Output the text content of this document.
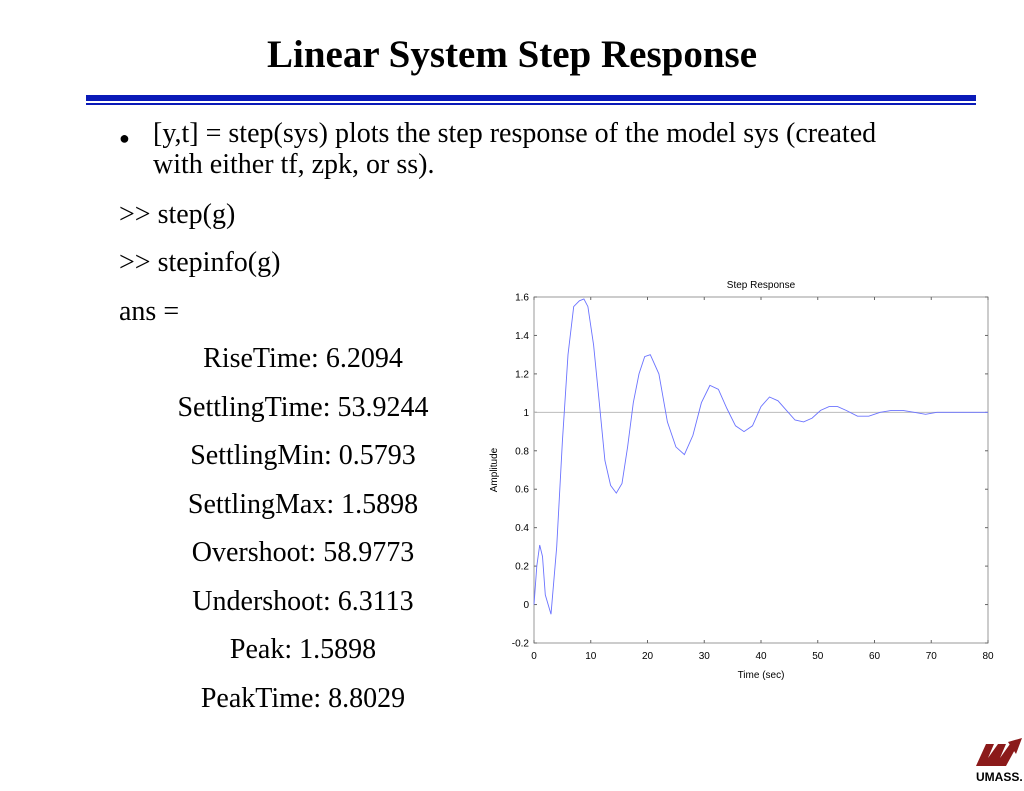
Linear System Step Response
● [y,t] = step(sys) plots the step response of the model sys (created with either tf, zpk, or ss).
>> step(g)
>> stepinfo(g)
ans =
RiseTime: 6.2094
SettlingTime: 53.9244
SettlingMin: 0.5793
SettlingMax: 1.5898
Overshoot: 58.9773
Undershoot: 6.3113
Peak: 1.5898
PeakTime: 8.8029
Step Response
Time (sec)
Amplitude
0	10	20	30	40	50	60	70	80
-0.2
0
0.2
0.4
0.6
0.8
1
1.2
1.4
1.6
UMASS.
